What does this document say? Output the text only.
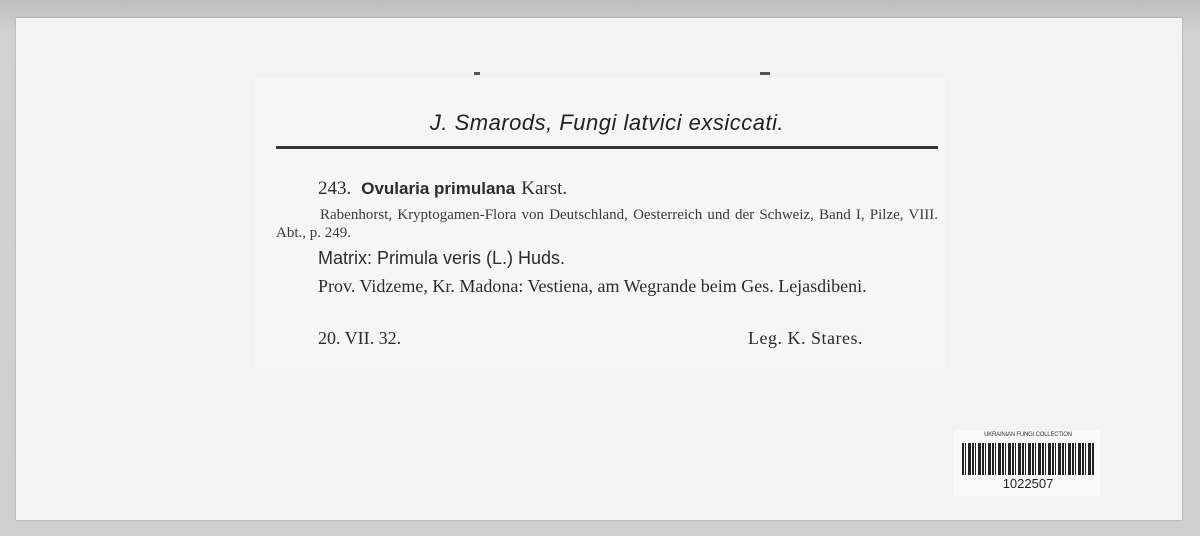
J. Smarods, Fungi latvici exsiccati.
243. Ovularia primulana Karst.
Rabenhorst, Kryptogamen-Flora von Deutschland, Oesterreich und der Schweiz, Band I, Pilze, VIII. Abt., p. 249.
Matrix: Primula veris (L.) Huds.
Prov. Vidzeme, Kr. Madona: Vestiena, am Wegrande beim Ges. Lejasdibeni.
20. VII. 32.	Leg. K. Stares.
UKRAINIAN FUNGI COLLECTION
1022507
